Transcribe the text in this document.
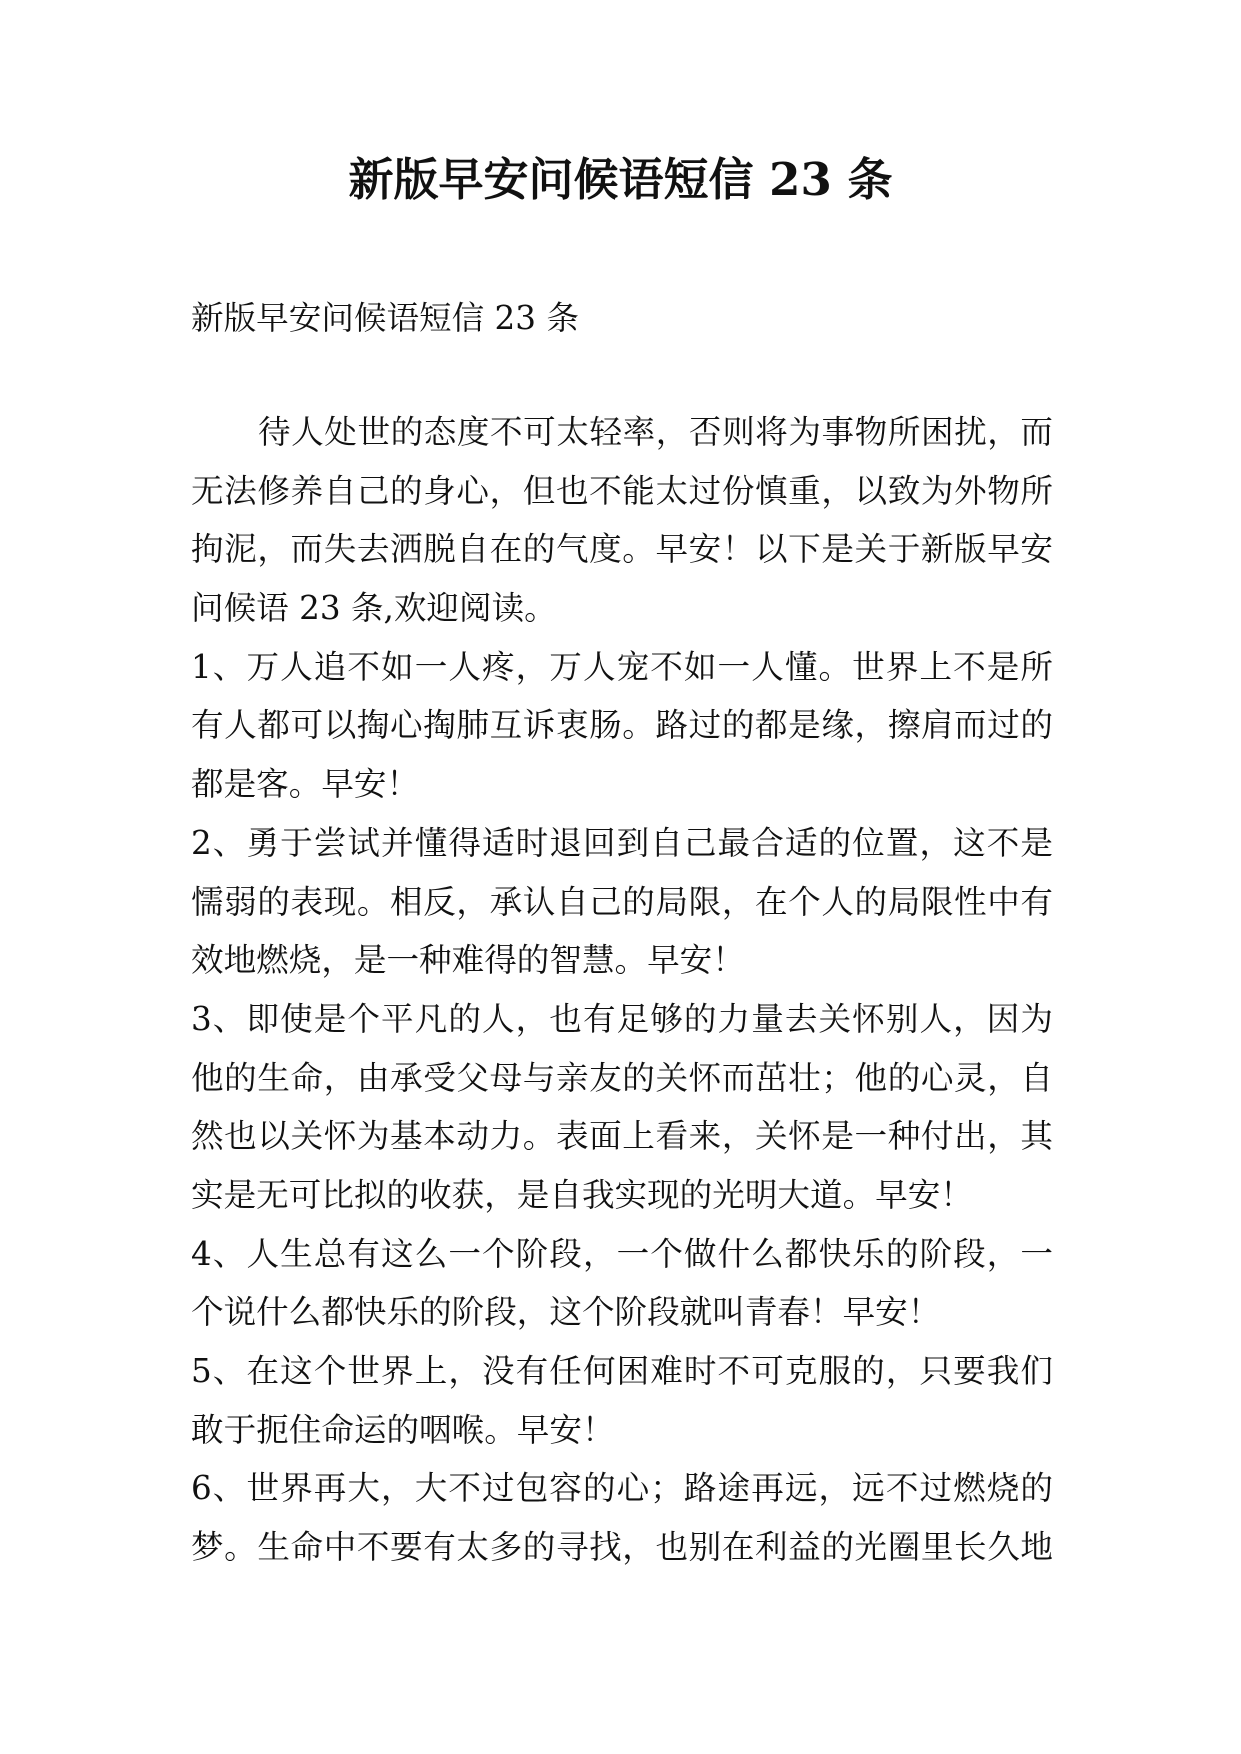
新版早安问候语短信 23 条
新版早安问候语短信 23 条
待人处世的态度不可太轻率，否则将为事物所困扰，而
无法修养自己的身心，但也不能太过份慎重，以致为外物所
拘泥，而失去洒脱自在的气度。早安！以下是关于新版早安
问候语 23 条,欢迎阅读。
1、万人追不如一人疼，万人宠不如一人懂。世界上不是所
有人都可以掏心掏肺互诉衷肠。路过的都是缘，擦肩而过的
都是客。早安！
2、勇于尝试并懂得适时退回到自己最合适的位置，这不是
懦弱的表现。相反，承认自己的局限，在个人的局限性中有
效地燃烧，是一种难得的智慧。早安！
3、即使是个平凡的人，也有足够的力量去关怀别人，因为
他的生命，由承受父母与亲友的关怀而茁壮；他的心灵，自
然也以关怀为基本动力。表面上看来，关怀是一种付出，其
实是无可比拟的收获，是自我实现的光明大道。早安！
4、人生总有这么一个阶段，一个做什么都快乐的阶段，一
个说什么都快乐的阶段，这个阶段就叫青春！早安！
5、在这个世界上，没有任何困难时不可克服的，只要我们
敢于扼住命运的咽喉。早安！
6、世界再大，大不过包容的心；路途再远，远不过燃烧的
梦。生命中不要有太多的寻找，也别在利益的光圈里长久地
